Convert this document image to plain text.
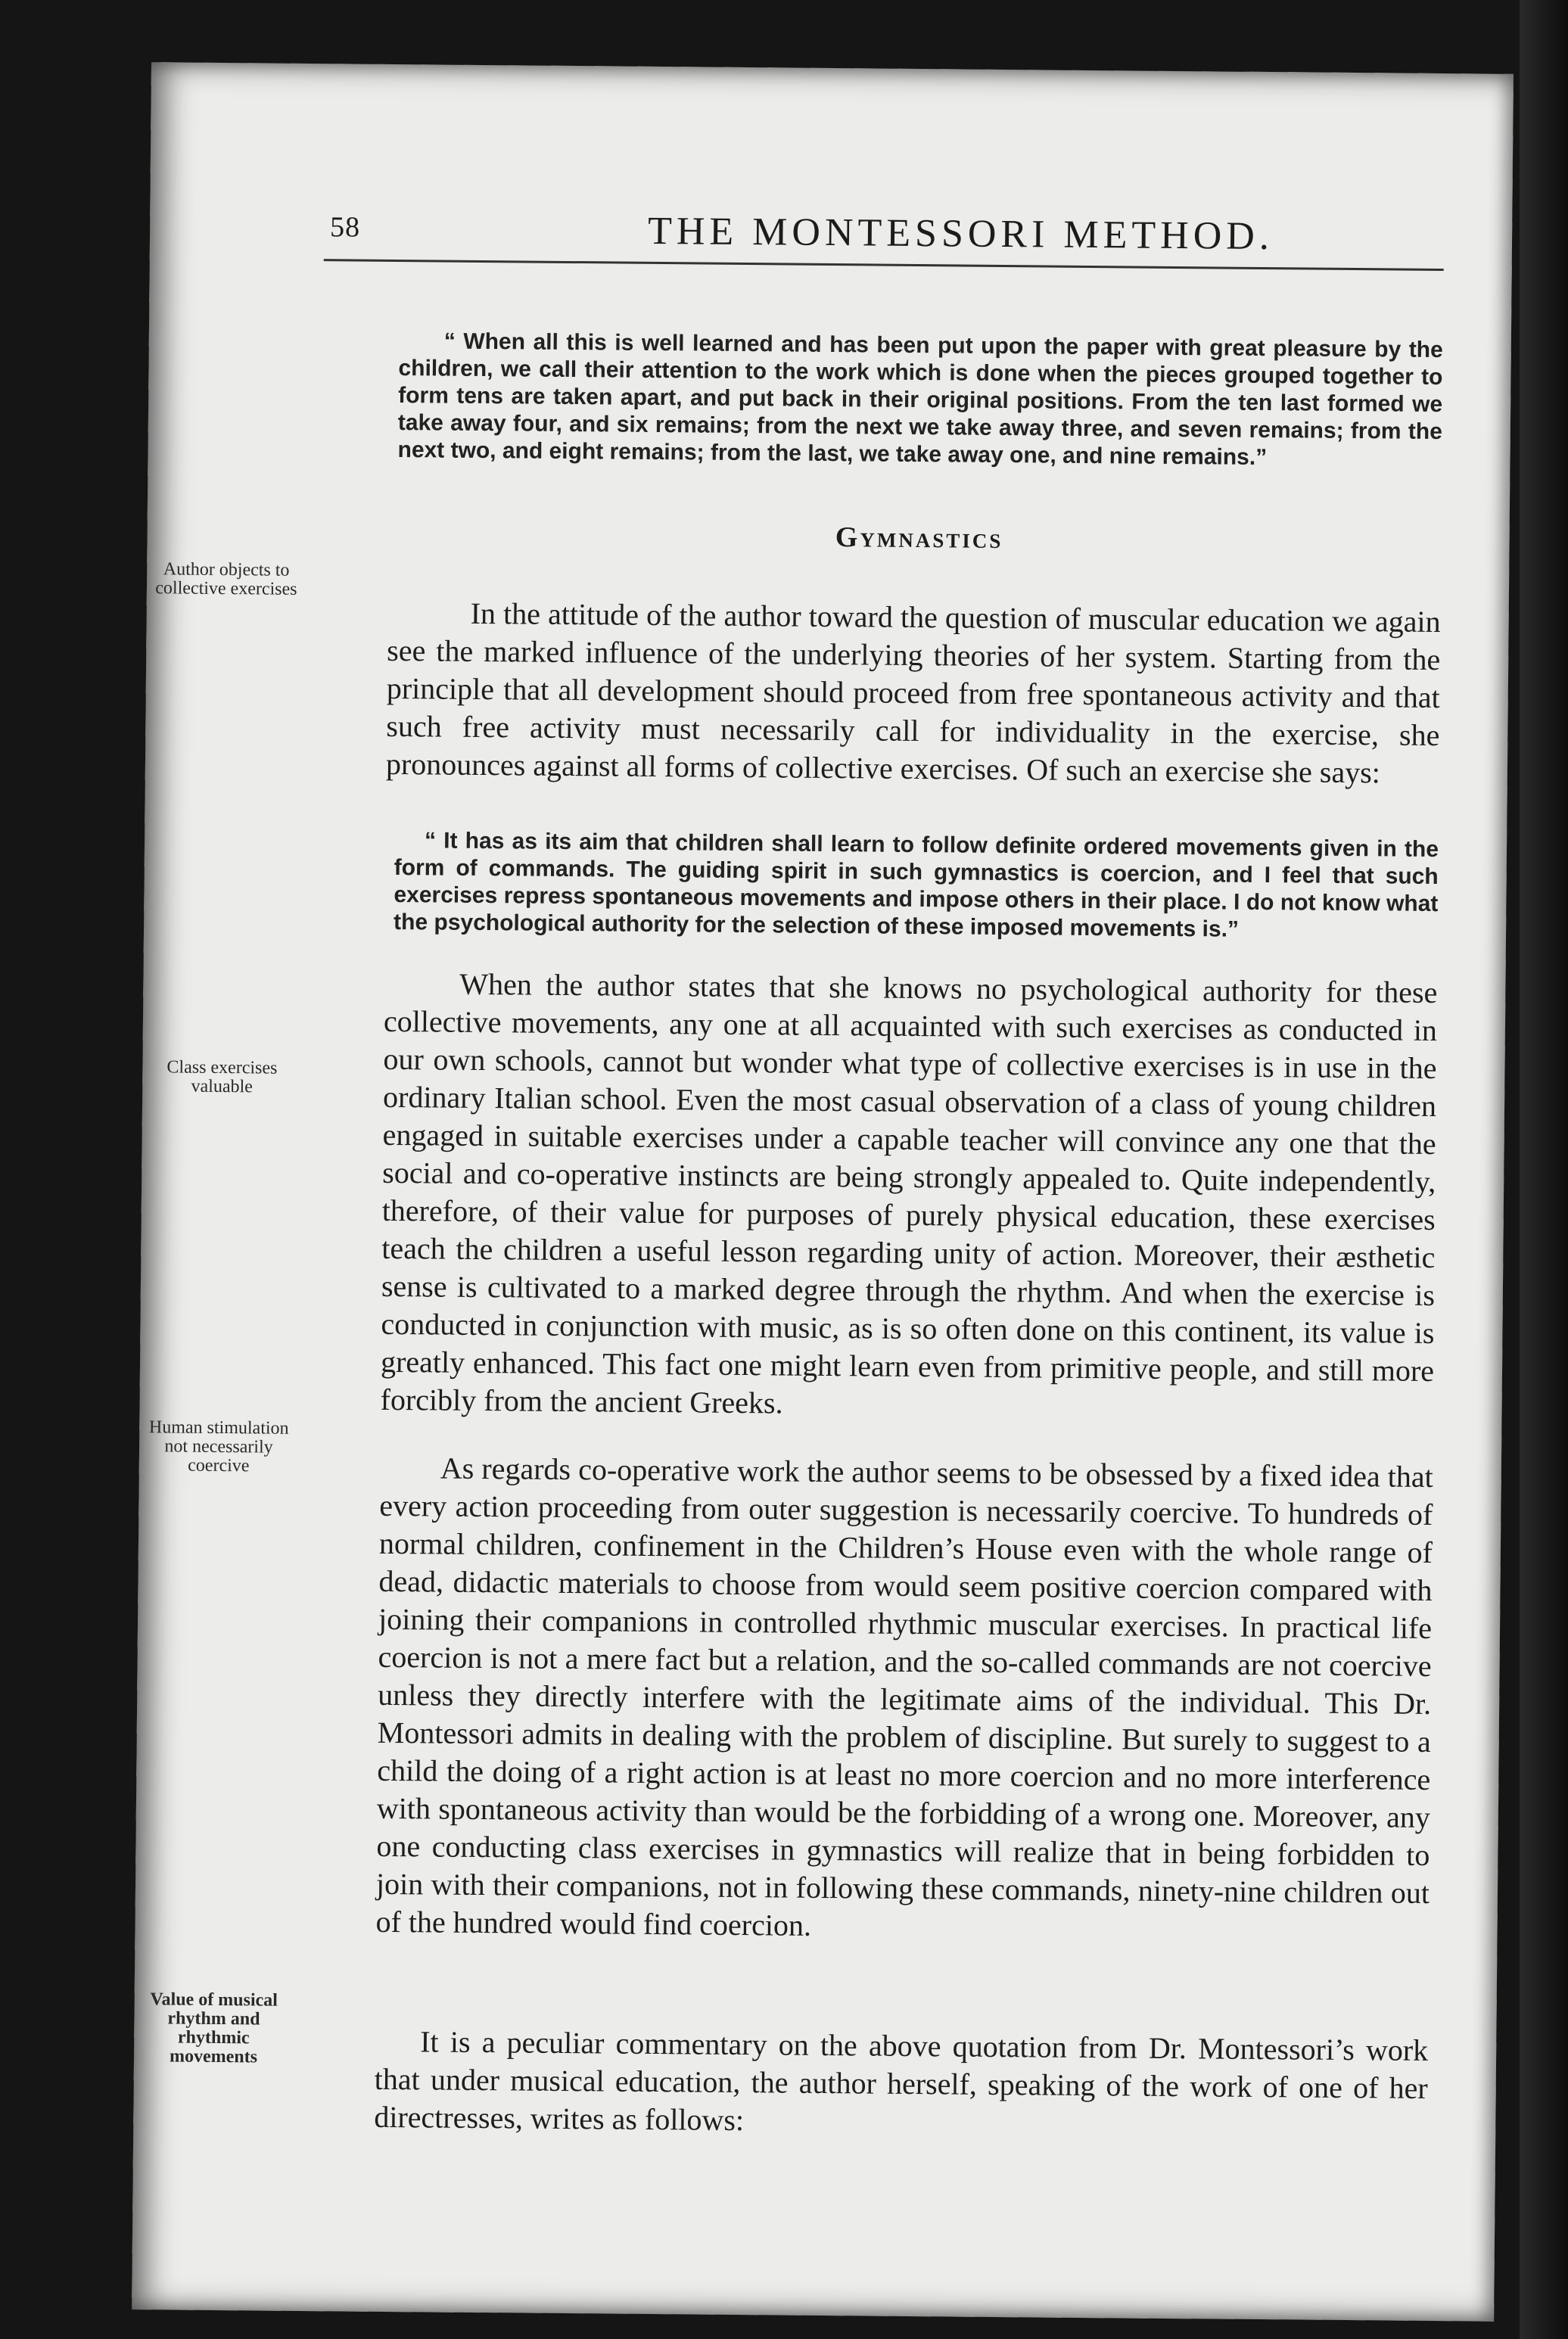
58	THE MONTESSORI METHOD.

“ When all this is well learned and has been put upon the paper with great pleasure by the children, we call their attention to the work which is done when the pieces grouped together to form tens are taken apart, and put back in their original positions. From the ten last formed we take away four, and six remains; from the next we take away three, and seven remains; from the next two, and eight remains; from the last, we take away one, and nine remains.”

Gymnastics
Author objects to collective exercises

In the attitude of the author toward the question of muscular education we again see the marked influence of the underlying theories of her system. Starting from the principle that all development should proceed from free spontaneous activity and that such free activity must necessarily call for individuality in the exercise, she pronounces against all forms of collective exercises. Of such an exercise she says:

“ It has as its aim that children shall learn to follow definite ordered movements given in the form of commands. The guiding spirit in such gymnastics is coercion, and I feel that such exercises repress spontaneous movements and impose others in their place. I do not know what the psychological authority for the selection of these imposed movements is.”

Class exercises valuable

When the author states that she knows no psychological authority for these collective movements, any one at all acquainted with such exercises as conducted in our own schools, cannot but wonder what type of collective exercises is in use in the ordinary Italian school. Even the most casual observation of a class of young children engaged in suitable exercises under a capable teacher will convince any one that the social and co-operative instincts are being strongly appealed to. Quite independently, therefore, of their value for purposes of purely physical education, these exercises teach the children a useful lesson regarding unity of action. Moreover, their æsthetic sense is cultivated to a marked degree through the rhythm. And when the exercise is conducted in conjunction with music, as is so often done on this continent, its value is greatly enhanced. This fact one might learn even from primitive people, and still more forcibly from the ancient Greeks.

Human stimulation not necessarily coercive	As regards co-operative work the author seems to be obsessed by a fixed idea that every action proceeding from outer suggestion is necessarily coercive. To hundreds of normal children, confinement in the Children’s House even with the whole range of dead, didactic materials to choose from would seem positive coercion compared with joining their companions in controlled rhythmic muscular exercises. In practical life coercion is not a mere fact but a relation, and the so-called commands are not coercive unless they directly interfere with the legitimate aims of the individual. This Dr. Montessori admits in dealing with the problem of discipline. But surely to suggest to a child the doing of a right action is at least no more coercion and no more interference with spontaneous activity than would be the forbidding of a wrong one. Moreover, any one conducting class exercises in gymnastics will realize that in being forbidden to join with their companions, not in following these commands, ninety-nine children out of the hundred would find coercion.

Value of musical rhythm and rhythmic movements	It is a peculiar commentary on the above quotation from Dr. Montessori’s work that under musical education, the author herself, speaking of the work of one of her directresses, writes as follows:
